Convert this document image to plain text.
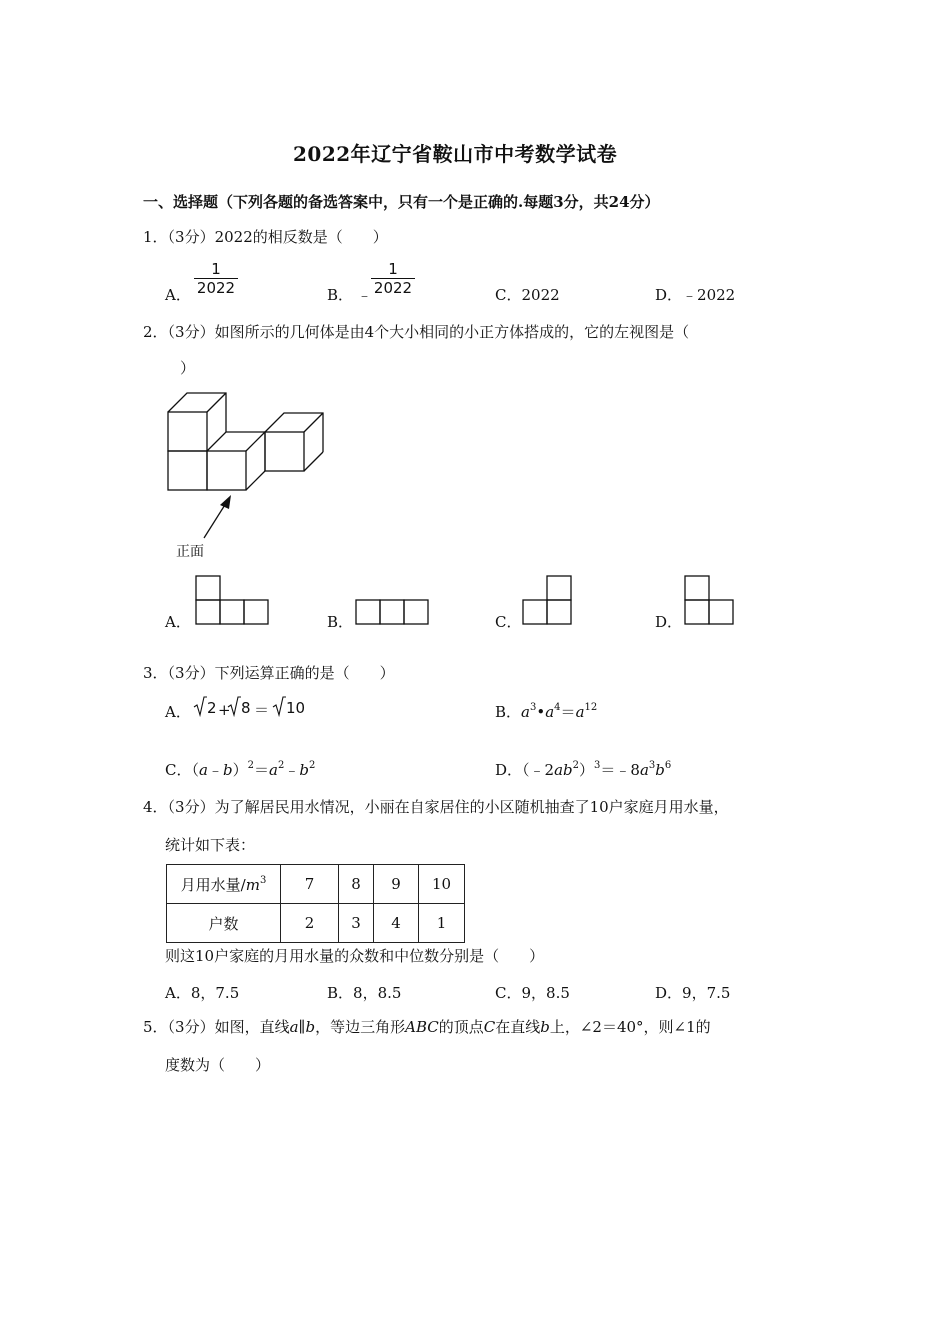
2022年辽宁省鞍山市中考数学试卷
一、选择题（下列各题的备选答案中，只有一个是正确的.每题3分，共24分）
1．（3分）2022的相反数是（　　）
A．
1
2022	B． ﹣
1
2022	C．2022	D．﹣2022
2．（3分）如图所示的几何体是由4个大小相同的小正方体搭成的，它的左视图是（
）
正面
A．	B．	C．	D．
3．（3分）下列运算正确的是（　　）
A． 2 + 8 ＝ 10	B．$a^3•a^4=a^{12}$
C．$(a﹣b)^2=a^2﹣b^2$	D．$(﹣2ab^2)^3=﹣8a^3b^6$
4．（3分）为了解居民用水情况，小丽在自家居住的小区随机抽查了10户家庭月用水量，
统计如下表：
月用水量$/m^3$	7	8	9	10
户数	2	3	4	1
则这10户家庭的月用水量的众数和中位数分别是（　　）
A．8，7.5	B．8，8.5	C．9，8.5	D．9，7.5
5．（3分）如图，直线a∥b，等边三角形ABC的顶点C在直线b上，∠2＝40°，则∠1的
度数为（　　）
